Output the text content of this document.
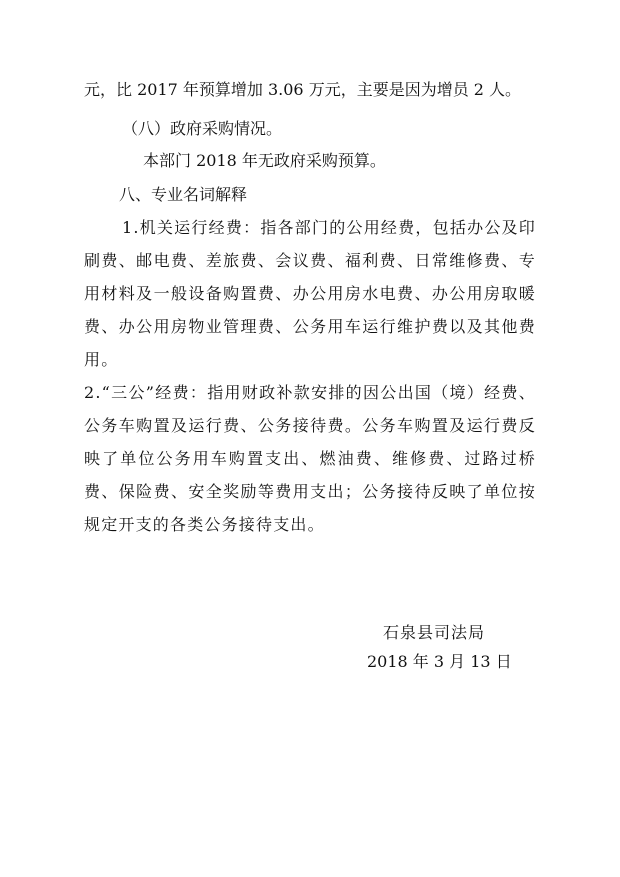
元，比 2017 年预算增加 3.06 万元，主要是因为增员 2 人。

（八）政府采购情况。

本部门 2018 年无政府采购预算。

八、专业名词解释

1.机关运行经费：指各部门的公用经费，包括办公及印刷费、邮电费、差旅费、会议费、福利费、日常维修费、专用材料及一般设备购置费、办公用房水电费、办公用房取暖费、办公用房物业管理费、公务用车运行维护费以及其他费用。

2.“三公”经费：指用财政补款安排的因公出国（境）经费、公务车购置及运行费、公务接待费。公务车购置及运行费反映了单位公务用车购置支出、燃油费、维修费、过路过桥费、保险费、安全奖励等费用支出；公务接待反映了单位按规定开支的各类公务接待支出。

石泉县司法局

2018 年 3 月 13 日
